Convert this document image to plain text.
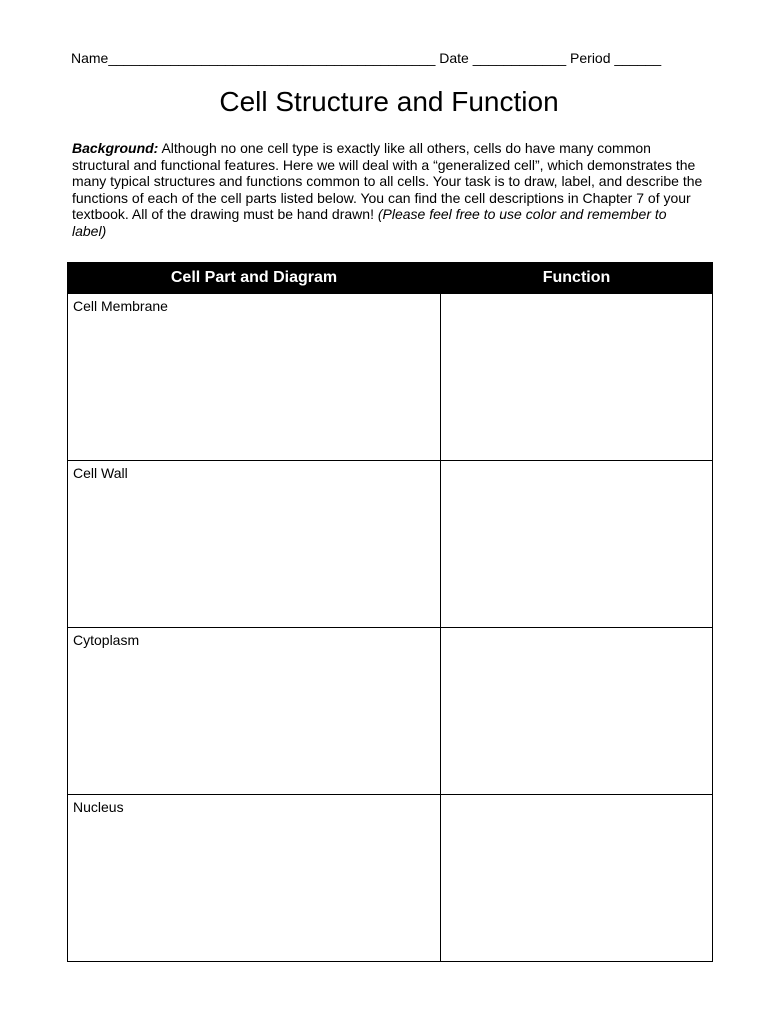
Name__________________________________________ Date ____________ Period ______
Cell Structure and Function
Background: Although no one cell type is exactly like all others, cells do have many common structural and functional features. Here we will deal with a “generalized cell”, which demonstrates the many typical structures and functions common to all cells. Your task is to draw, label, and describe the functions of each of the cell parts listed below. You can find the cell descriptions in Chapter 7 of your textbook. All of the drawing must be hand drawn! (Please feel free to use color and remember to label)
Cell Part and Diagram	Function
Cell Membrane	
Cell Wall	
Cytoplasm	
Nucleus	
